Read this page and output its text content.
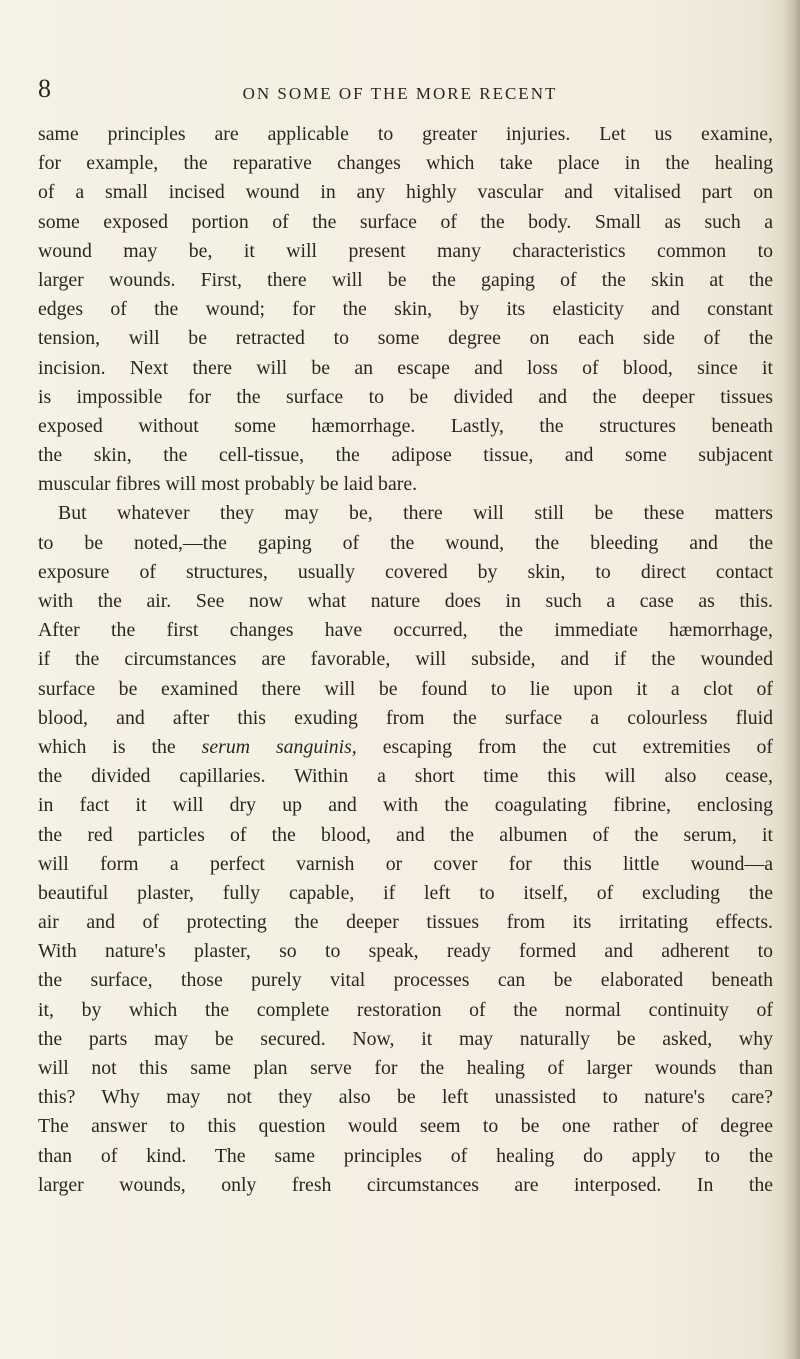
8	ON SOME OF THE MORE RECENT
same principles are applicable to greater injuries. Let us examine,
for example, the reparative changes which take place in the healing
of a small incised wound in any highly vascular and vitalised part on
some exposed portion of the surface of the body. Small as such a
wound may be, it will present many characteristics common to
larger wounds. First, there will be the gaping of the skin at the
edges of the wound; for the skin, by its elasticity and constant
tension, will be retracted to some degree on each side of the
incision. Next there will be an escape and loss of blood, since it
is impossible for the surface to be divided and the deeper tissues
exposed without some hæmorrhage. Lastly, the structures beneath
the skin, the cell-tissue, the adipose tissue, and some subjacent
muscular fibres will most probably be laid bare.
But whatever they may be, there will still be these matters
to be noted,—the gaping of the wound, the bleeding and the
exposure of structures, usually covered by skin, to direct contact
with the air. See now what nature does in such a case as this.
After the first changes have occurred, the immediate hæmorrhage,
if the circumstances are favorable, will subside, and if the wounded
surface be examined there will be found to lie upon it a clot of
blood, and after this exuding from the surface a colourless fluid
which is the serum sanguinis, escaping from the cut extremities of
the divided capillaries. Within a short time this will also cease,
in fact it will dry up and with the coagulating fibrine, enclosing
the red particles of the blood, and the albumen of the serum, it
will form a perfect varnish or cover for this little wound—a
beautiful plaster, fully capable, if left to itself, of excluding the
air and of protecting the deeper tissues from its irritating effects.
With nature's plaster, so to speak, ready formed and adherent to
the surface, those purely vital processes can be elaborated beneath
it, by which the complete restoration of the normal continuity of
the parts may be secured. Now, it may naturally be asked, why
will not this same plan serve for the healing of larger wounds than
this? Why may not they also be left unassisted to nature's care?
The answer to this question would seem to be one rather of degree
than of kind. The same principles of healing do apply to the
larger wounds, only fresh circumstances are interposed. In the
